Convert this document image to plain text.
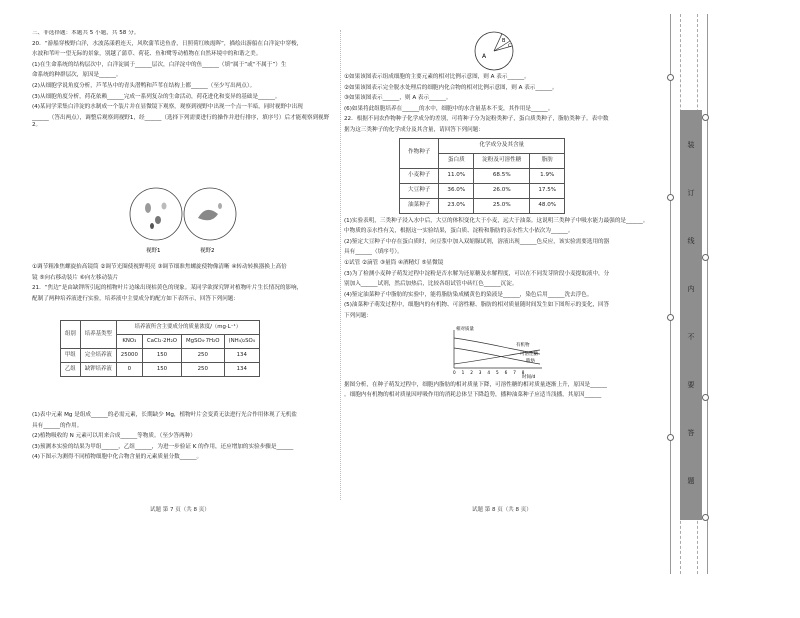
三、非选择题：本题共 5 小题，共 58 分。

20．“游船穿梭野白洋，水波荡漾碧连天，风吹蒲苇送鱼香，日照荷红映霞晖”，描绘出游船在白洋淀中穿梭，

水波和苇叶一望无际的景象，别越了蒲草、荷花、鱼和鹭等动植物在自然环境中的和谐之美。

(1)在生命系统的结构层次中，白洋淀属于______层次，白洋淀中的鱼______（填“属于”或“不属于”）生

命系统的种群层次，原因是______。

(2)从细胞学说角度分析，芦苇丛中的青头潜鸭和芦苇在结构上都______（至少写出两点）。

(3)从细胞角度分析，荷花依赖______完成一系列复杂的生命活动，荷花进化和变异的基础是______。

(4)某同学采集白洋淀的水制成一个装片并在显微镜下观察，观察到视野中出现一个点一半暗，同时视野中出现

______（答出两点），调整后观察到视野1，经______（选择下列需要进行的操作并进行排序，填序号）后才能观察到视野 2。

视野1	视野2

①调节粗准焦螺旋抬高镜筒 ②调节光圈使视野明亮 ③调节细准焦螺旋使物像清晰 ④转动转换器换上高倍

镜 ⑤向右移动装片 ⑥向左移动装片

21．“焦边”是由缺钾所引起的植物叶片边缘出现枯黄色的现象。某同学欲探究钾对植物叶片生长情况的影响，

配制了两种培养液进行实验，培养液中主要成分的配方如下表所示，回答下列问题：

组别	培养基类型	培养液所含主要成分的质量浓度/（mg·L⁻¹）			
		KNO₃	CaCl₂·2H₂O	MgSO₄·7H₂O	(NH₄)₂SO₄
甲组	完全培养液	25000	150	250	134
乙组	缺钾培养液	0	150	250	134

(1)表中元素 Mg 是组成______的必需元素，长期缺少 Mg，植物叶片会变黄无法进行光合作用体现了无机盐

具有______的作用。

(2)植物吸收的 N 元素可以用来合成______等物质。（至少答两种）

(3)预测本实验的结果为甲组______，乙组______，为进一步验证 K 的作用，还应增加的实验步骤是______

(4)下图示为测得不同植物细胞中化合物含量的元素质量分数______。

A
B
C

①如果该图表示组成细胞的主要元素的相对比例示意图，则 A 表示______。

②如果该图表示完全脱水处理后的细胞内化合物的相对比例示意图，则 A 表示______。

③如果该图表示______，则 A 表示______。

(6)如果将此组胞培养在______的水中，细胞中的水含量基本不变，其作用是______。

22．根据不同农作物种子化学成分的差别，可将种子分为淀粉类种子，蛋白质类种子，脂肪类种子。表中数

据为这三类种子的化学成分及其含量，请回答下列问题：

作物种子	化学成分及其含量		
	蛋白质	淀粉及可溶性糖	脂肪
小麦种子	11.0%	68.5%	1.9%
大豆种子	36.0%	26.0%	17.5%
油菜种子	23.0%	25.0%	48.0%

(1)实验表明，三类种子浸入水中后，大豆的体积变化大于小麦，远大于油菜。这说明三类种子中吸水能力最强的是______。

中物质的亲水性有关，根据这一实验结果，蛋白质、淀粉和脂肪的亲水性大小依次为______。

(2)鉴定大豆种子中存在蛋白质时，向豆浆中加入双缩脲试剂，溶液出现______色反应，该实验需要选用的器

具有______（填序号）。

①试管 ②滴管 ③量筒 ④酒精灯 ⑤显微镜

(3)为了检测小麦种子萌发过程中淀粉是否水解为还原糖及水解程度，可以在不同发芽阶段小麦提取液中，分

别加入______试剂，然后加热后，比较各组试管中砖红色______沉淀。

(4)鉴定油菜种子中脂肪的实验中，能将脂肪染成橘黄色的染液是______，染色后用______洗去浮色。

(5)油菜种子萌发过程中，细胞内的有机物、可溶性糖、脂肪的相对质量随时间发生如下图所示的变化，回答

下列问题：

相对质量
有机物
可溶性糖
脂肪
0 1 2 3 4 5 6 7 8
时间/d

据图分析，在种子萌发过程中，细胞内脂肪的相对质量下降，可溶性糖的相对质量逐渐上升，原因是______

。细胞内有机物的相对质量因呼吸作用的消耗总体呈下降趋势，播种油菜种子应适当浅播，其原因______

试题 第 7 页（共 8 页）	试题 第 8 页（共 8 页）
装
订
线
内
不
要
答
题
